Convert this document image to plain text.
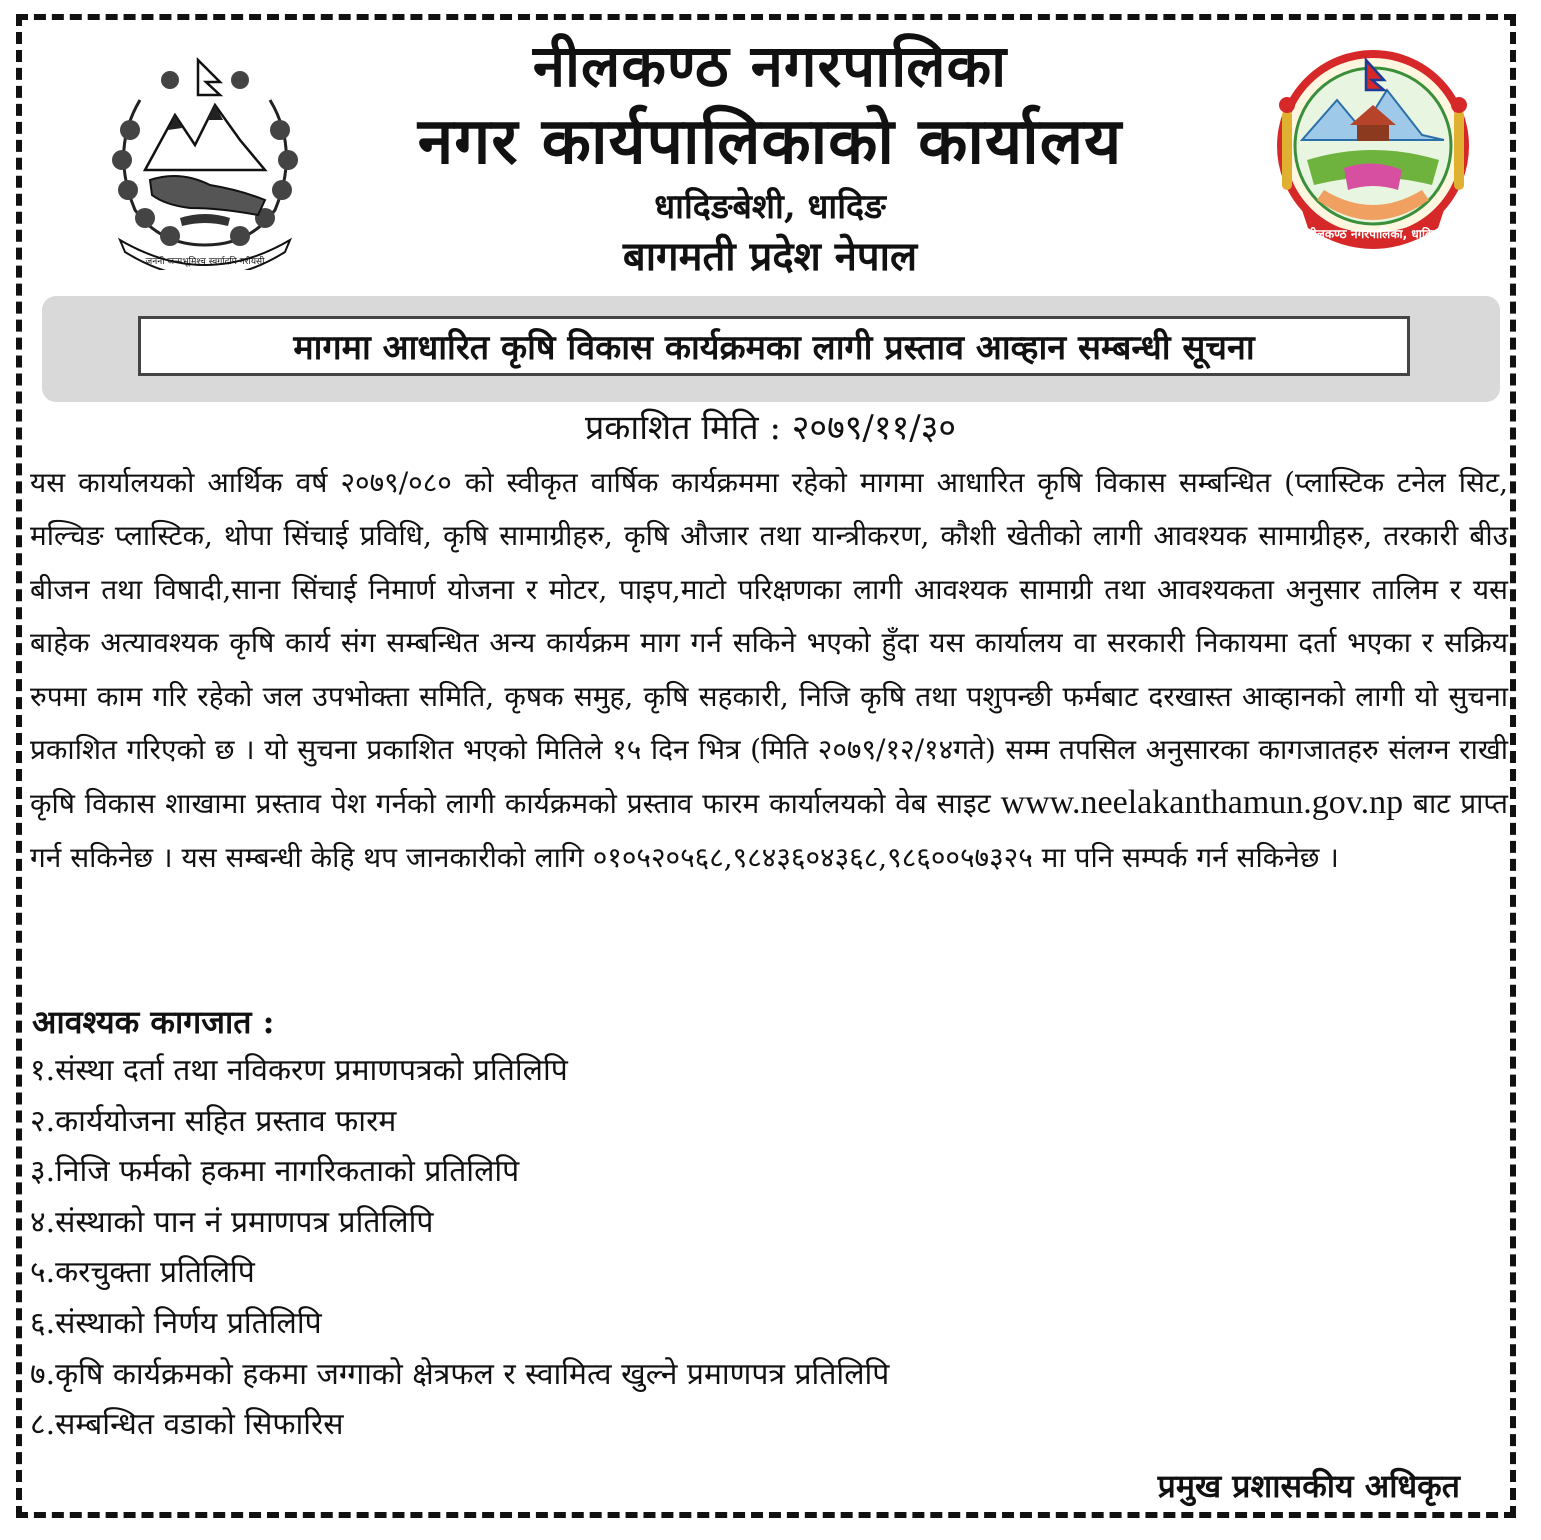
जननी जन्मभूमिश्च स्वर्गादपि गरीयसी
नीलकण्ठ नगरपालिका
नगर कार्यपालिकाको कार्यालय
धादिङबेशी, धादिङ
बागमती प्रदेश नेपाल	नीलकण्ठ नगरपालिका, धादिङ
मागमा आधारित कृषि विकास कार्यक्रमका लागी प्रस्ताव आव्हान सम्बन्धी सूचना
प्रकाशित मिति : २०७९/११/३०
यस कार्यालयको आर्थिक वर्ष २०७९/०८० को स्वीकृत वार्षिक कार्यक्रममा रहेको मागमा आधारित कृषि विकास सम्बन्धित (प्लास्टिक टनेल सिट, मल्चिङ प्लास्टिक, थोपा सिंचाई प्रविधि, कृषि सामाग्रीहरु, कृषि औजार तथा यान्त्रीकरण, कौशी खेतीको लागी आवश्यक सामाग्रीहरु, तरकारी बीउ बीजन तथा विषादी,साना सिंचाई निमार्ण योजना र मोटर, पाइप,माटो परिक्षणका लागी आवश्यक सामाग्री तथा आवश्यकता अनुसार तालिम र यस बाहेक अत्यावश्यक कृषि कार्य संग सम्बन्धित अन्य कार्यक्रम माग गर्न सकिने भएको हुँदा यस कार्यालय वा सरकारी निकायमा दर्ता भएका र सक्रिय रुपमा काम गरि रहेको जल उपभोक्ता समिति, कृषक समुह, कृषि सहकारी, निजि कृषि तथा पशुपन्छी फर्मबाट दरखास्त आव्हानको लागी यो सुचना प्रकाशित गरिएको छ । यो सुचना प्रकाशित भएको मितिले १५ दिन भित्र (मिति २०७९/१२/१४गते) सम्म तपसिल अनुसारका कागजातहरु संलग्न राखी कृषि विकास शाखामा प्रस्ताव पेश गर्नको लागी कार्यक्रमको प्रस्ताव फारम कार्यालयको वेब साइट www.neelakanthamun.gov.np बाट प्राप्त गर्न सकिनेछ । यस सम्बन्धी केहि थप जानकारीको लागि ०१०५२०५६८,९८४३६०४३६८,९८६००५७३२५ मा पनि सम्पर्क गर्न सकिनेछ ।
आवश्यक कागजात :
१.संस्था दर्ता तथा नविकरण प्रमाणपत्रको प्रतिलिपि
२.कार्ययोजना सहित प्रस्ताव फारम
३.निजि फर्मको हकमा नागरिकताको प्रतिलिपि
४.संस्थाको पान नं प्रमाणपत्र प्रतिलिपि
५.करचुक्ता प्रतिलिपि
६.संस्थाको निर्णय प्रतिलिपि
७.कृषि कार्यक्रमको हकमा जग्गाको क्षेत्रफल र स्वामित्व खुल्ने प्रमाणपत्र प्रतिलिपि
८.सम्बन्धित वडाको सिफारिस
प्रमुख प्रशासकीय अधिकृत
